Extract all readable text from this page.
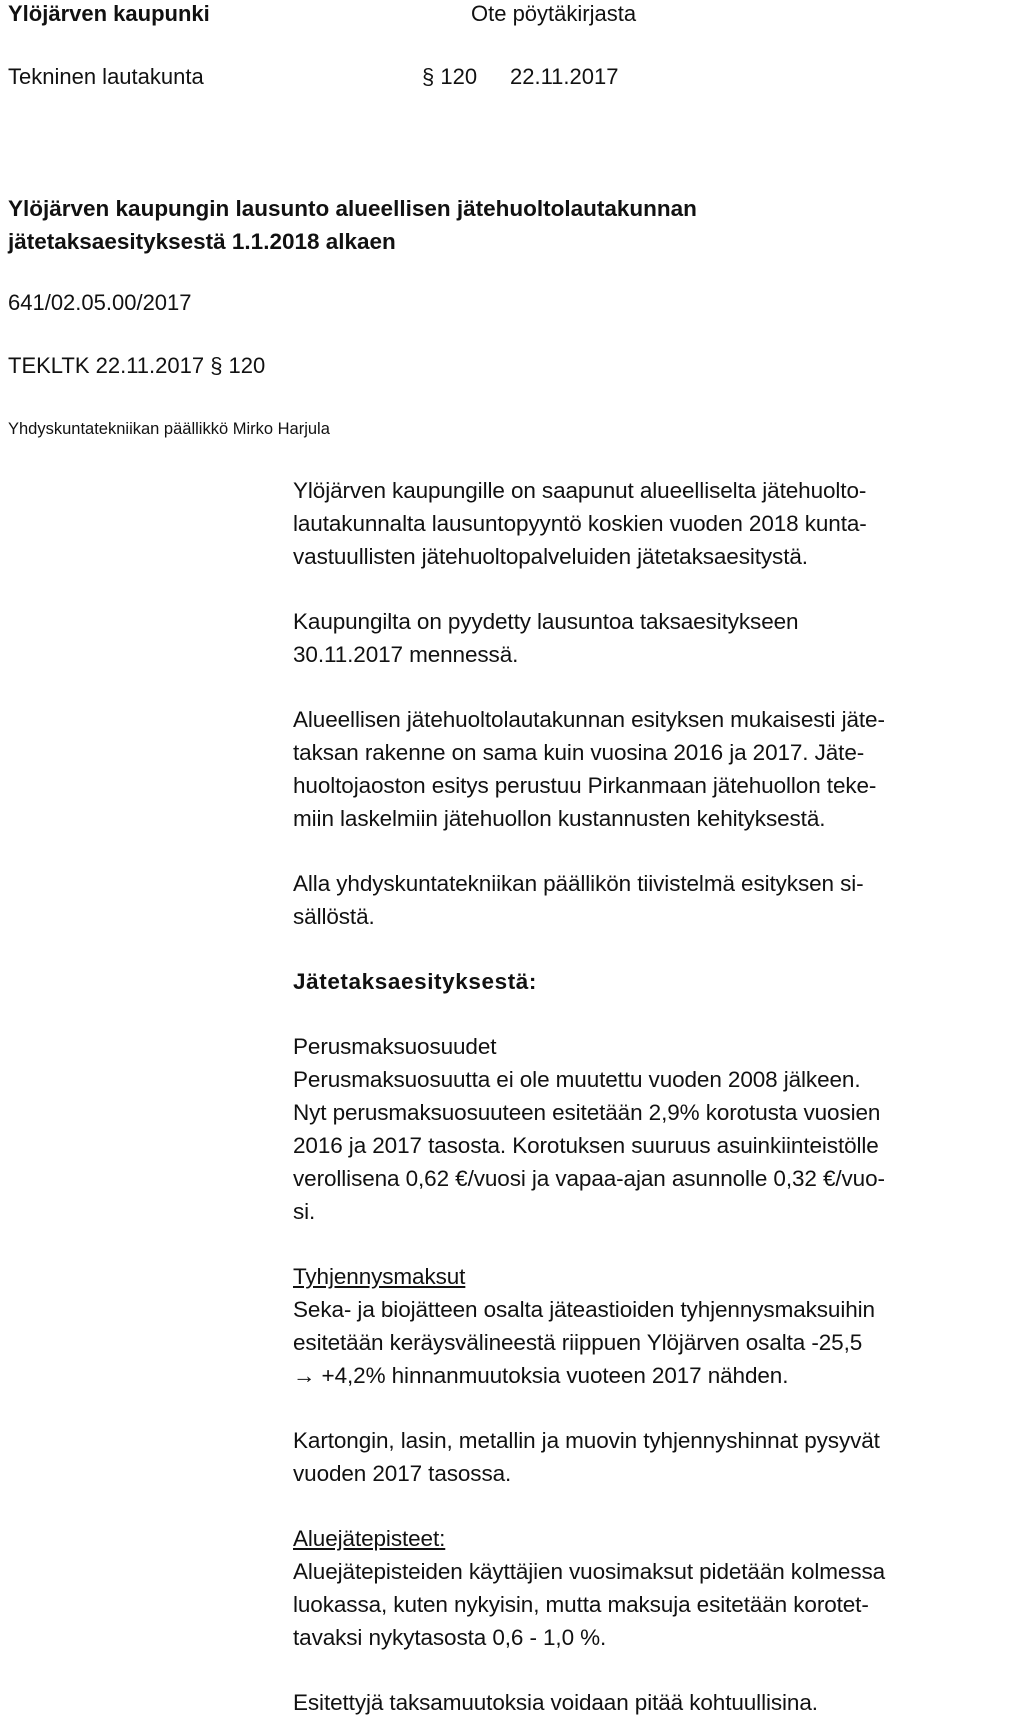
Ylöjärven kaupunki	Ote pöytäkirjasta
Tekninen lautakunta	§ 120 22.11.2017
Ylöjärven kaupungin lausunto alueellisen jätehuoltolautakunnan
jätetaksaesityksestä 1.1.2018 alkaen
641/02.05.00/2017
TEKLTK 22.11.2017 § 120
Yhdyskuntatekniikan päällikkö Mirko Harjula
Ylöjärven kaupungille on saapunut alueelliselta jätehuolto-
lautakunnalta lausuntopyyntö koskien vuoden 2018 kunta-
vastuullisten jätehuoltopalveluiden jätetaksaesitystä.
Kaupungilta on pyydetty lausuntoa taksaesitykseen
30.11.2017 mennessä.
Alueellisen jätehuoltolautakunnan esityksen mukaisesti jäte-
taksan rakenne on sama kuin vuosina 2016 ja 2017. Jäte-
huoltojaoston esitys perustuu Pirkanmaan jätehuollon teke-
miin laskelmiin jätehuollon kustannusten kehityksestä.
Alla yhdyskuntatekniikan päällikön tiivistelmä esityksen si-
sällöstä.
Jätetaksaesityksestä:
Perusmaksuosuudet
Perusmaksuosuutta ei ole muutettu vuoden 2008 jälkeen.
Nyt perusmaksuosuuteen esitetään 2,9% korotusta vuosien
2016 ja 2017 tasosta. Korotuksen suuruus asuinkiinteistölle
verollisena 0,62 €/vuosi ja vapaa-ajan asunnolle 0,32 €/vuo-
si.
Tyhjennysmaksut
Seka- ja biojätteen osalta jäteastioiden tyhjennysmaksuihin
esitetään keräysvälineestä riippuen Ylöjärven osalta -25,5
→ +4,2% hinnanmuutoksia vuoteen 2017 nähden.
Kartongin, lasin, metallin ja muovin tyhjennyshinnat pysyvät
vuoden 2017 tasossa.
Aluejätepisteet:
Aluejätepisteiden käyttäjien vuosimaksut pidetään kolmessa
luokassa, kuten nykyisin, mutta maksuja esitetään korotet-
tavaksi nykytasosta 0,6 - 1,0 %.
Esitettyjä taksamuutoksia voidaan pitää kohtuullisina.
